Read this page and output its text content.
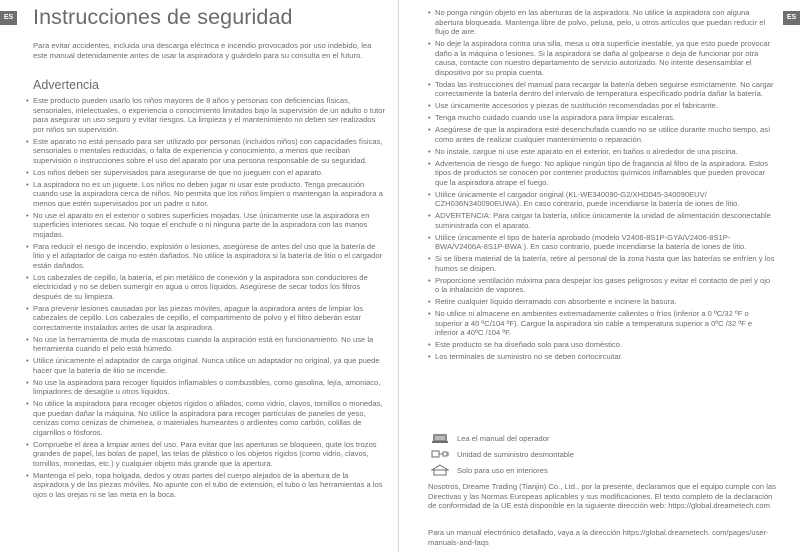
ES Instrucciones de seguridad

Para evitar accidentes, incluida una descarga eléctrica e incendio provocados por uso indebido, lea este manual detenidamente antes de usar la aspiradora y guárdelo para su consulta en el futuro.

Advertencia
• Este producto pueden usarlo los niños mayores de 8 años y personas con deficiencias físicas, sensoriales, intelectuales, o experiencia o conocimiento limitados bajo la supervisión de un adulto o tutor para asegurar un uso seguro y evitar riesgos. La limpieza y el mantenimiento no deben ser realizados por niños sin supervisión.
• Este aparato no está pensado para ser utilizado por personas (incluidos niños) con capacidades físicas, sensoriales o mentales reducidas, o falta de experiencia y conocimiento, a menos que reciban supervisión o instrucciones sobre el uso del aparato por una persona responsable de su seguridad.
• Los niños deben ser supervisados para asegurarse de que no jueguen con el aparato.
• La aspiradora no es un juguete. Los niños no deben jugar ni usar este producto. Tenga precaución cuando use la aspiradora cerca de niños. No permita que los niños limpien o mantengan la aspiradora a menos que estén supervisados por un padre o tutor.
• No use el aparato en el exterior o sobres superficies mojadas. Use únicamente use la aspiradora en superficies interiores secas. No toque el enchufe o ni ninguna parte de la aspiradora con las manos mojadas.
• Para reducir el riesgo de incendio, explosión o lesiones, asegúrese de antes del uso que la batería de litio y el adaptador de carga no estén dañados. No utilice la aspiradora si la batería de litio o el cargador están dañados.
• Los cabezales de cepillo, la batería, el pin metálico de conexión y la aspiradora son conductores de electricidad y no se deben sumergir en agua u otros líquidos. Asegúrese de secar todos los filtros después de su limpieza.
• Para prevenir lesiones causadas por las piezas móviles, apague la aspiradora antes de limpiar los cabezales de cepillo. Los cabezales de cepillo, el compartimento de polvo y el filtro deberán estar correctamente instalados antes de usar la aspiradora.
• No use la herramienta de muda de mascotas cuando la aspiración está en funcionamiento. No use la herramienta cuando el pelo está húmedo.
• Utilice únicamente el adaptador de carga original. Nunca utilice un adaptador no original, ya que puede hacer que la batería de litio se incendie.
• No use la aspiradora para recoger líquidos inflamables o combustibles, como gasolina, lejía, amoniaco, limpiadores de desagüe u otros líquidos.
• No utilice la aspiradora para recoger objetos rígidos o afilados, como vidrio, clavos, tornillos o monedas, que puedan dañar la máquina. No utilice la aspiradora para recoger partículas de paneles de yeso, cenizas como cenizas de chimenea, o materiales humeantes o ardientes como carbón, colillas de cigarrillos o fósforos.
• Compruebe el área a limpiar antes del uso. Para evitar que las aperturas se bloqueen, quite los trozos grandes de papel, las bolas de papel, las telas de plástico o los objetos rígidos (como vidrio, clavos, tornillos, monedas, etc.) y cualquier objeto más grande que la apertura.
• Mantenga el pelo, ropa holgada, dedos y otras partes del cuerpo alejados de la abertura de la aspiradora y de las piezas móviles. No apunte con el tubo de extensión, el tubo o las herramientas a los ojos o las orejas ni se las meta en la boca.
ES
• No ponga ningún objeto en las aberturas de la aspiradora. No utilice la aspiradora con alguna abertura bloqueada. Mantenga libre de polvo, pelusa, pelo, u otros artículos que puedan reducir el flujo de aire.
• No deje la aspiradora contra una silla, mesa u otra superficie inestable, ya que esto puede provocar daño a la máquina o lesiones. Si la aspiradora se daña al golpearse o deja de funcionar por otra causa, contacte con nuestro departamento de servicio autorizado. No intente desensamblar el dispositivo por su propia cuenta.
• Todas las instrucciones del manual para recargar la batería deben seguirse estrictamente. No cargar correctamente la batería dentro del intervalo de temperatura especificado podría dañar la batería.
• Use únicamente accesorios y piezas de sustitución recomendadas por el fabricante.
• Tenga mucho cuidado cuando use la aspiradora para limpiar escaleras.
• Asegúrese de que la aspiradora esté desenchufada cuando no se utilice durante mucho tiempo, así como antes de realizar cualquier mantenimiento o reparación.
• No instale, cargue ni use este aparato en el exterior, en baños o alrededor de una piscina.
• Advertencia de riesgo de fuego: No aplique ningún tipo de fragancia al filtro de la aspiradora. Estos tipos de productos se conocen por contener productos químicos inflamables que pueden provocar que la aspiradora atrape el fuego.
• Utilice únicamente el cargador original (KL-WE340090-G2/XHD045-340090EUV/ CZH036N340090EUWA). En caso contrario, puede incendiarse la batería de iones de litio.
• ADVERTENCIA: Para cargar la batería, utilice únicamente la unidad de alimentación desconectable suministrada con el aparato.
• Utilice únicamente el tipo de batería aprobado (modelo V2406-8S1P-GYA/V2406-8S1P-BWA/V2406A-8S1P-BWA ). En caso contrario, puede incendiarse la batería de iones de litio.
• Si se libera material de la batería, retire al personal de la zona hasta que las baterías se enfríen y los humos se disipen.
• Proporcione ventilación máxima para despejar los gases peligrosos y evitar el contacto de piel y ojo o la inhalación de vapores.
• Retire cualquier líquido derramado con absorbente e incinere la basura.
• No utilice ni almacene en ambientes extremadamente calientes o fríos (inferior a 0 ºC/32 ºF o superior a 40 ºC/104 ºF). Cargue la aspiradora sin cable a temperatura superior a 0ºC /32 ºF e inferior a 40ºC /104 ºF.
• Este producto se ha diseñado solo para uso doméstico.
• Los terminales de suministro no se deben cortocircuitar.
Lea el manual del operador
Unidad de suministro desmontable
Solo para uso en interiores

Nosotros, Dreame Trading (Tianjin) Co., Ltd., por la presente, declaramos que el equipo cumple con las Directivas y las Normas Europeas aplicables y sus modificaciones. El texto completo de la declaración de conformidad de la UE está disponible en la siguiente dirección web: https://global.dreametech.com

Para un manual electrónico detallado, vaya a la dirección https://global.dreametech. com/pages/user-manuals-and-faqs
